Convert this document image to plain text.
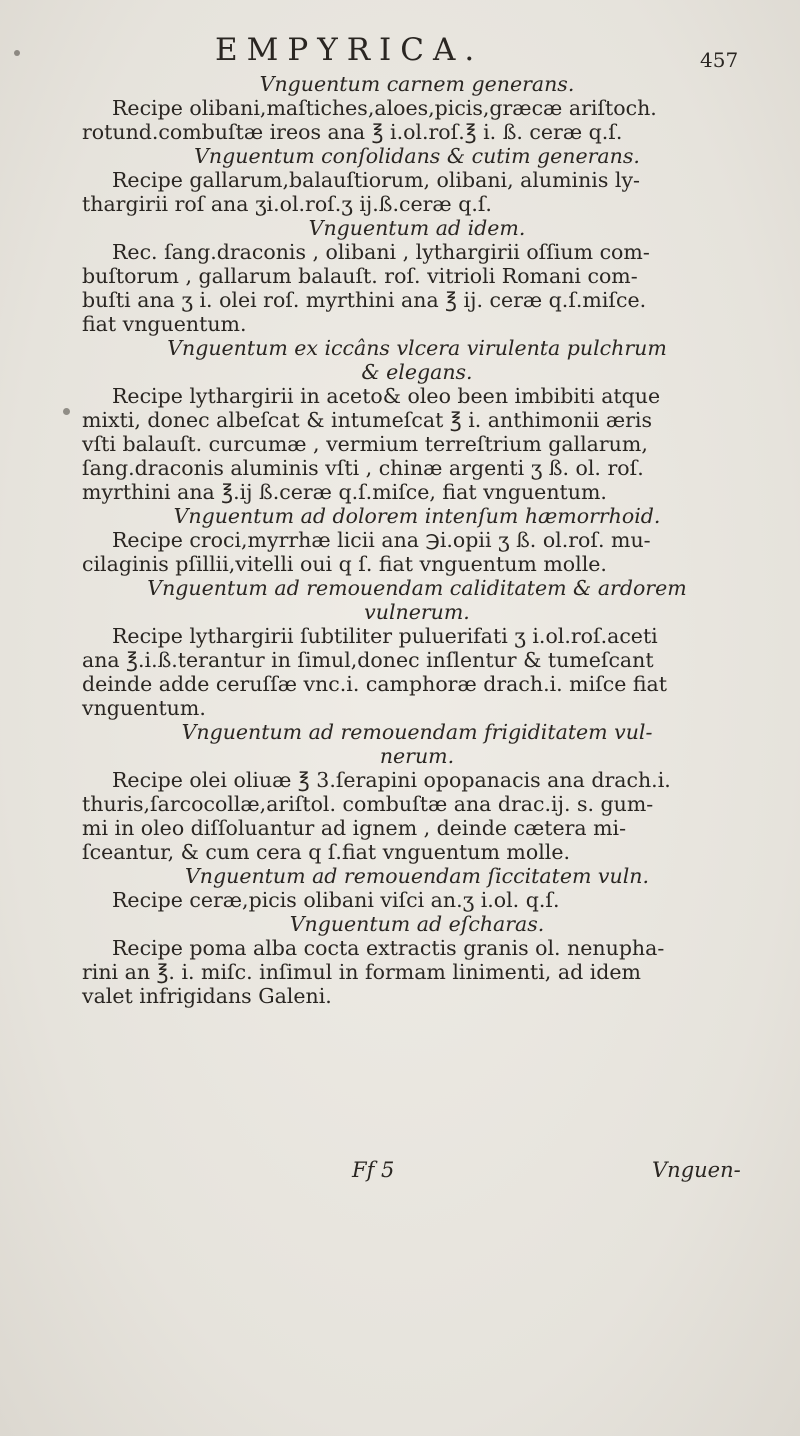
EMPYRICA.	457
Vnguentum carnem generans.
Recipe olibani,maſtiches,aloes,picis,græcæ ariſtoch.
rotund.combuſtæ ireos ana ℥ i.ol.roſ.℥ i. ß. ceræ q.ſ.
Vnguentum conſolidans & cutim generans.
Recipe gallarum,balauſtiorum, olibani, aluminis ly-
thargirii roſ ana ʒi.ol.roſ.ʒ ij.ß.ceræ q.ſ.
Vnguentum ad idem.
Rec. ſang.draconis , olibani , lythargirii oſſium com-
buſtorum , gallarum balauſt. roſ. vitrioli Romani com-
buſti ana ʒ i. olei roſ. myrthini ana ℥ ij. ceræ q.ſ.miſce.
fiat vnguentum.
Vnguentum ex iccâns vlcera virulenta pulchrum
& elegans.
Recipe lythargirii in aceto& oleo been imbibiti atque
mixti, donec albeſcat & intumeſcat ℥ i. anthimonii æris
vſti balauſt. curcumæ , vermium terreſtrium gallarum,
ſang.draconis aluminis vſti , chinæ argenti ʒ ß. ol. roſ.
myrthini ana ℥.ij ß.ceræ q.ſ.miſce, fiat vnguentum.
Vnguentum ad dolorem intenſum hæmorrhoid.
Recipe croci,myrrhæ licii ana ℈i.opii ʒ ß. ol.roſ. mu-
cilaginis pſillii,vitelli oui q ſ. fiat vnguentum molle.
Vnguentum ad remouendam caliditatem & ardorem
vulnerum.
Recipe lythargirii ſubtiliter puluerifati ʒ i.ol.roſ.aceti
ana ℥.i.ß.terantur in ſimul,donec inſlentur & tumeſcant
deinde adde ceruſſæ vnc.i. camphoræ drach.i. miſce fiat
vnguentum.
Vnguentum ad remouendam frigiditatem vul-
nerum.
Recipe olei oliuæ ℥ 3.ſerapini opopanacis ana drach.i.
thuris,ſarcocollæ,ariſtol. combuſtæ ana drac.ij. s. gum-
mi in oleo diſſoluantur ad ignem , deinde cætera mi-
ſceantur, & cum cera q ſ.fiat vnguentum molle.
Vnguentum ad remouendam ſiccitatem vuln.
Recipe ceræ,picis olibani viſci an.ʒ i.ol. q.ſ.
Vnguentum ad eſcharas.
Recipe poma alba cocta extractis granis ol. nenupha-
rini an ℥. i. miſc. inſimul in formam linimenti, ad idem
valet infrigidans Galeni.
Ff 5	Vnguen-
